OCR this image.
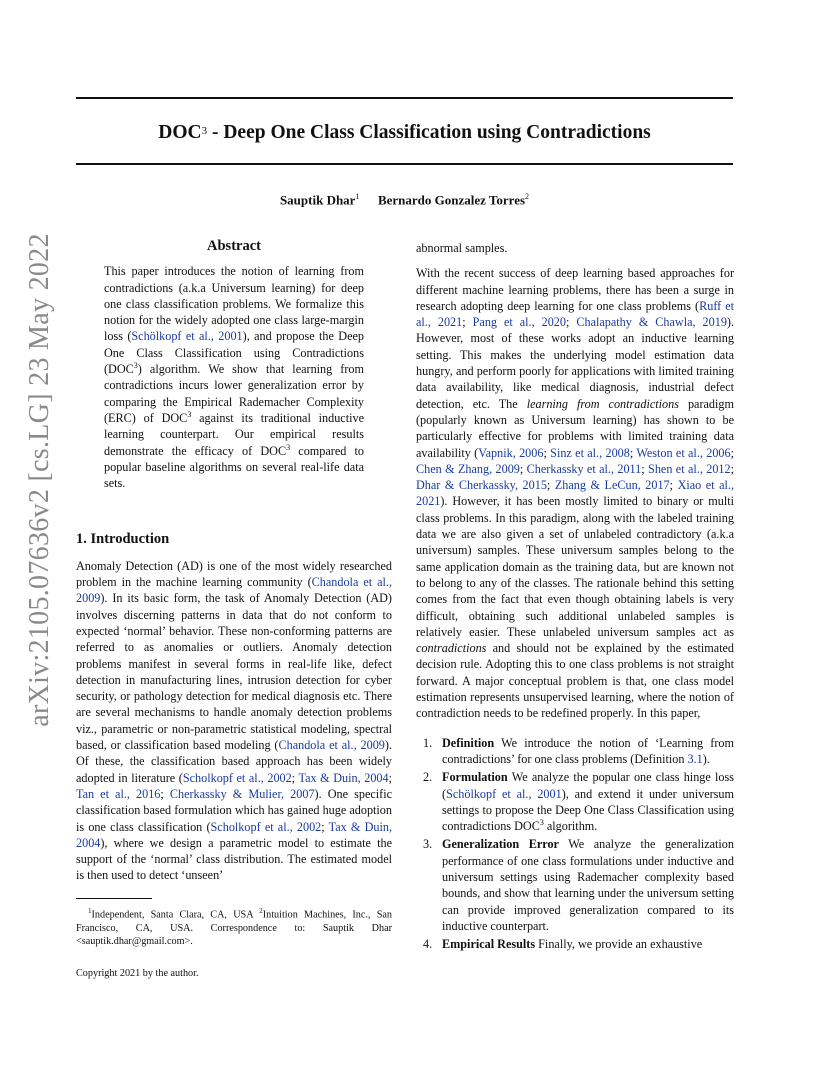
DOC$^3$ - Deep One Class Classification using Contradictions
Sauptik Dhar$^1$ Bernardo Gonzalez Torres$^2$
arXiv:2105.07636v2 [cs.LG] 23 May 2022	Abstract

This paper introduces the notion of learning from contradictions (a.k.a Universum learning) for deep one class classification problems. We formalize this notion for the widely adopted one class large-margin loss (Schölkopf et al., 2001), and propose the Deep One Class Classification using Contradictions (DOC$^3$) algorithm. We show that learning from contradictions incurs lower generalization error by comparing the Empirical Rademacher Complexity (ERC) of DOC$^3$ against its traditional inductive learning counterpart. Our empirical results demonstrate the efficacy of DOC$^3$ compared to popular baseline algorithms on several real-life data sets.

1. Introduction

Anomaly Detection (AD) is one of the most widely researched problem in the machine learning community (Chandola et al., 2009). In its basic form, the task of Anomaly Detection (AD) involves discerning patterns in data that do not conform to expected ‘normal’ behavior. These non-conforming patterns are referred to as anomalies or outliers. Anomaly detection problems manifest in several forms in real-life like, defect detection in manufacturing lines, intrusion detection for cyber security, or pathology detection for medical diagnosis etc. There are several mechanisms to handle anomaly detection problems viz., parametric or non-parametric statistical modeling, spectral based, or classification based modeling (Chandola et al., 2009). Of these, the classification based approach has been widely adopted in literature (Scholkopf et al., 2002; Tax & Duin, 2004; Tan et al., 2016; Cherkassky & Mulier, 2007). One specific classification based formulation which has gained huge adoption is one class classification (Scholkopf et al., 2002; Tax & Duin, 2004), where we design a parametric model to estimate the support of the ‘normal’ class distribution. The estimated model is then used to detect ‘unseen’

$^1$Independent, Santa Clara, CA, USA $^2$Intuition Machines, Inc., San Francisco, CA, USA. Correspondence to: Sauptik Dhar <sauptik.dhar@gmail.com>.

Copyright 2021 by the author.

abnormal samples.

With the recent success of deep learning based approaches for different machine learning problems, there has been a surge in research adopting deep learning for one class problems (Ruff et al., 2021; Pang et al., 2020; Chalapathy & Chawla, 2019). However, most of these works adopt an inductive learning setting. This makes the underlying model estimation data hungry, and perform poorly for applications with limited training data availability, like medical diagnosis, industrial defect detection, etc. The learning from contradictions paradigm (popularly known as Universum learning) has shown to be particularly effective for problems with limited training data availability (Vapnik, 2006; Sinz et al., 2008; Weston et al., 2006; Chen & Zhang, 2009; Cherkassky et al., 2011; Shen et al., 2012; Dhar & Cherkassky, 2015; Zhang & LeCun, 2017; Xiao et al., 2021). However, it has been mostly limited to binary or multi class problems. In this paradigm, along with the labeled training data we are also given a set of unlabeled contradictory (a.k.a universum) samples. These universum samples belong to the same application domain as the training data, but are known not to belong to any of the classes. The rationale behind this setting comes from the fact that even though obtaining labels is very difficult, obtaining such additional unlabeled samples is relatively easier. These unlabeled universum samples act as contradictions and should not be explained by the estimated decision rule. Adopting this to one class problems is not straight forward. A major conceptual problem is that, one class model estimation represents unsupervised learning, where the notion of contradiction needs to be redefined properly. In this paper,

1. Definition We introduce the notion of ‘Learning from contradictions’ for one class problems (Definition 3.1).
2. Formulation We analyze the popular one class hinge loss (Schölkopf et al., 2001), and extend it under universum settings to propose the Deep One Class Classification using contradictions DOC$^3$ algorithm.
3. Generalization Error We analyze the generalization performance of one class formulations under inductive and universum settings using Rademacher complexity based bounds, and show that learning under the universum setting can provide improved generalization compared to its inductive counterpart.
4. Empirical Results Finally, we provide an exhaustive
